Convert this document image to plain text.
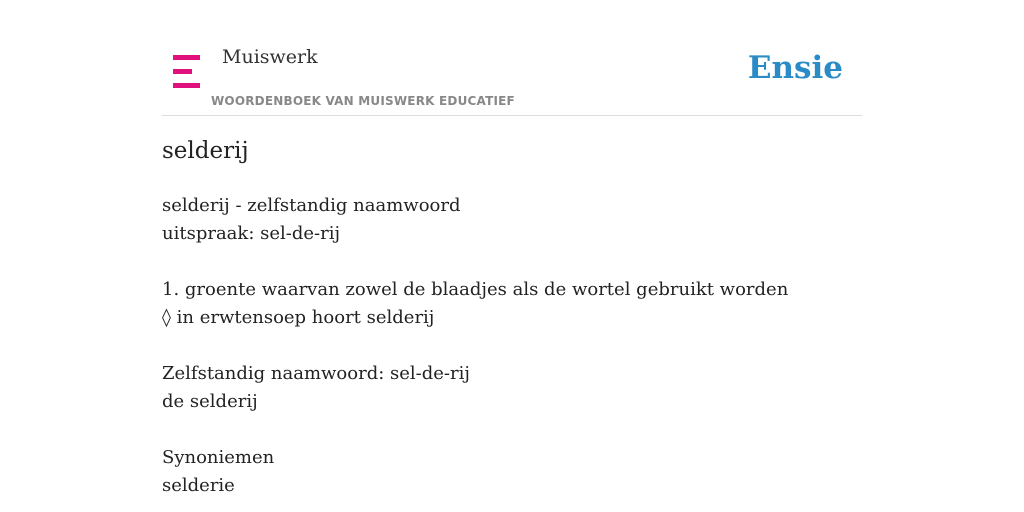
Muiswerk
WOORDENBOEK VAN MUISWERK EDUCATIEF
Ensie
selderij
selderij - zelfstandig naamwoord
uitspraak: sel-de-rij
1. groente waarvan zowel de blaadjes als de wortel gebruikt worden
◊ in erwtensoep hoort selderij
Zelfstandig naamwoord: sel-de-rij
de selderij
Synoniemen
selderie
